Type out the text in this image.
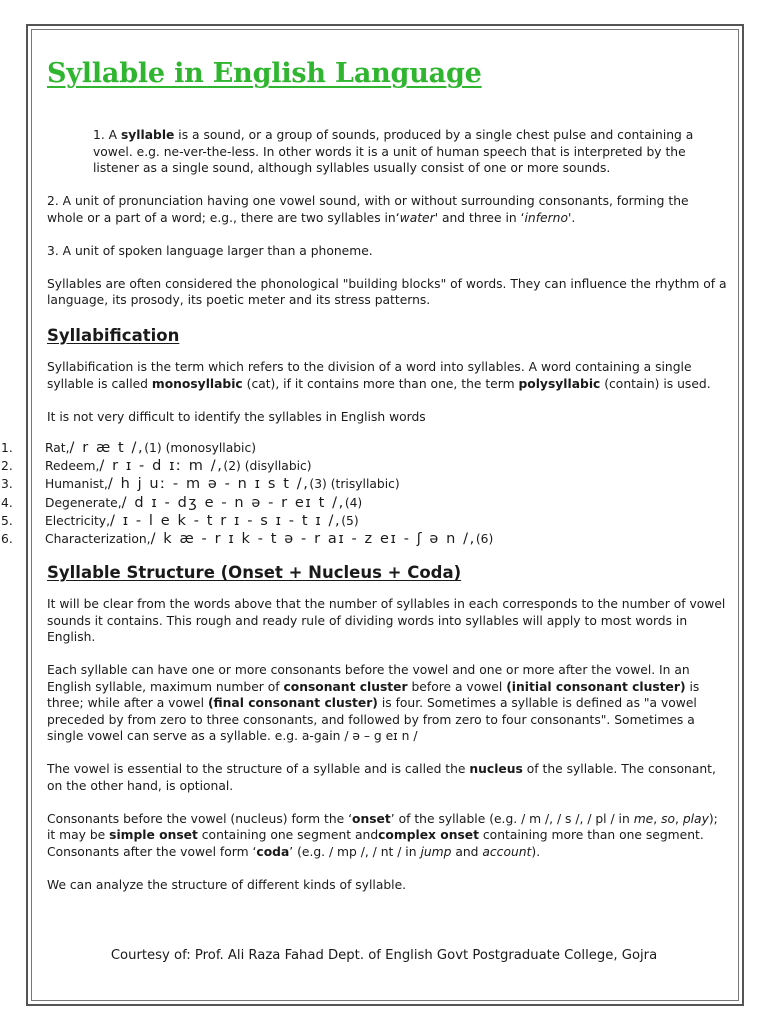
Syllable in English Language

1. A syllable is a sound, or a group of sounds, produced by a single chest pulse and containing a vowel. e.g. ne-ver-the-less. In other words it is a unit of human speech that is interpreted by the listener as a single sound, although syllables usually consist of one or more sounds.

2. A unit of pronunciation having one vowel sound, with or without surrounding consonants, forming the whole or a part of a word; e.g., there are two syllables in‘water' and three in ‘inferno'.

3. A unit of spoken language larger than a phoneme.

Syllables are often considered the phonological "building blocks" of words. They can influence the rhythm of a language, its prosody, its poetic meter and its stress patterns.

Syllabification

Syllabification is the term which refers to the division of a word into syllables. A word containing a single syllable is called monosyllabic (cat), if it contains more than one, the term polysyllabic (contain) is used.

It is not very difficult to identify the syllables in English words

1.	Rat, / r æ t /, (1) (monosyllabic)
2.	Redeem, / r ɪ - d ɪː m /, (2) (disyllabic)
3.	Humanist, / h j uː - m ə - n ɪ s t /, (3) (trisyllabic)
4.	Degenerate, / d ɪ - dʒ e - n ə - r eɪ t /, (4)
5.	Electricity, / ɪ - l e k - t r ɪ - s ɪ - t ɪ /, (5)
6.	Characterization, / k æ - r ɪ k - t ə - r aɪ - z eɪ - ʃ ə n /, (6)
Syllable Structure (Onset + Nucleus + Coda)

It will be clear from the words above that the number of syllables in each corresponds to the number of vowel sounds it contains. This rough and ready rule of dividing words into syllables will apply to most words in English.

Each syllable can have one or more consonants before the vowel and one or more after the vowel. In an English syllable, maximum number of consonant cluster before a vowel (initial consonant cluster) is three; while after a vowel (final consonant cluster) is four. Sometimes a syllable is defined as "a vowel preceded by from zero to three consonants, and followed by from zero to four consonants". Sometimes a single vowel can serve as a syllable. e.g. a-gain / ə – g eɪ n /

The vowel is essential to the structure of a syllable and is called the nucleus of the syllable. The consonant, on the other hand, is optional.

Consonants before the vowel (nucleus) form the ‘onset’ of the syllable (e.g. / m /, / s /, / pl / in me, so, play); it may be simple onset containing one segment andcomplex onset containing more than one segment. Consonants after the vowel form ‘coda’ (e.g. / mp /, / nt / in jump and account).

We can analyze the structure of different kinds of syllable.

Courtesy of: Prof. Ali Raza Fahad Dept. of English Govt Postgraduate College, Gojra
